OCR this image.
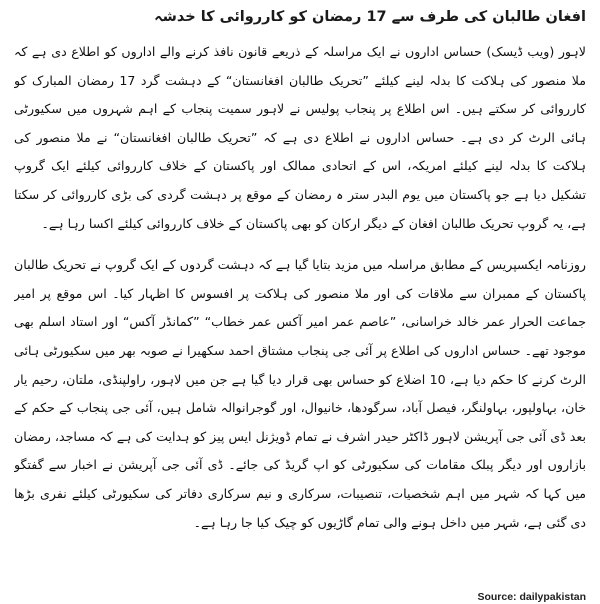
افغان طالبان کی طرف سے 17 رمضان کو کارروائی کا خدشہ

لاہور (ویب ڈیسک) حساس اداروں نے ایک مراسلہ کے ذریعے قانون نافذ کرنے والے اداروں کو اطلاع دی ہے کہ ملا منصور کی ہلاکت کا بدلہ لینے کیلئے ”تحریک طالبان افغانستان“ کے دہشت گرد 17 رمضان المبارک کو کارروائی کر سکتے ہیں۔ اس اطلاع پر پنجاب پولیس نے لاہور سمیت پنجاب کے اہم شہروں میں سکیورٹی ہائی الرٹ کر دی ہے۔ حساس اداروں نے اطلاع دی ہے کہ ”تحریک طالبان افغانستان“ نے ملا منصور کی ہلاکت کا بدلہ لینے کیلئے امریکہ، اس کے اتحادی ممالک اور پاکستان کے خلاف کارروائی کیلئے ایک گروپ تشکیل دیا ہے جو پاکستان میں یوم البدر ستر ہ رمضان کے موقع پر دہشت گردی کی بڑی کارروائی کر سکتا ہے، یہ گروپ تحریک طالبان افغان کے دیگر ارکان کو بھی پاکستان کے خلاف کارروائی کیلئے اکسا رہا ہے۔

روزنامہ ایکسپریس کے مطابق مراسلہ میں مزید بتایا گیا ہے کہ دہشت گردوں کے ایک گروپ نے تحریک طالبان پاکستان کے ممبران سے ملاقات کی اور ملا منصور کی ہلاکت پر افسوس کا اظہار کیا۔ اس موقع پر امیر جماعت الحرار عمر خالد خراسانی، ”عاصم عمر امیر آکس عمر خطاب“ ”کمانڈر آکس“ اور استاد اسلم بھی موجود تھے۔ حساس اداروں کی اطلاع پر آئی جی پنجاب مشتاق احمد سکھیرا نے صوبہ بھر میں سکیورٹی ہائی الرٹ کرنے کا حکم دیا ہے، 10 اضلاع کو حساس بھی قرار دیا گیا ہے جن میں لاہور، راولپنڈی، ملتان، رحیم یار خان، بہاولپور، بہاولنگر، فیصل آباد، سرگودھا، خانیوال، اور گوجرانوالہ شامل ہیں، آئی جی پنجاب کے حکم کے بعد ڈی آئی جی آپریشن لاہور ڈاکٹر حیدر اشرف نے تمام ڈویژنل ایس پیز کو ہدایت کی ہے کہ مساجد، رمضان بازاروں اور دیگر پبلک مقامات کی سکیورٹی کو اپ گریڈ کی جائے۔ ڈی آئی جی آپریشن نے اخبار سے گفتگو میں کہا کہ شہر میں اہم شخصیات، تنصیبات، سرکاری و نیم سرکاری دفاتر کی سکیورٹی کیلئے نفری بڑھا دی گئی ہے، شہر میں داخل ہونے والی تمام گاڑیوں کو چیک کیا جا رہا ہے۔

Source: dailypakistan
